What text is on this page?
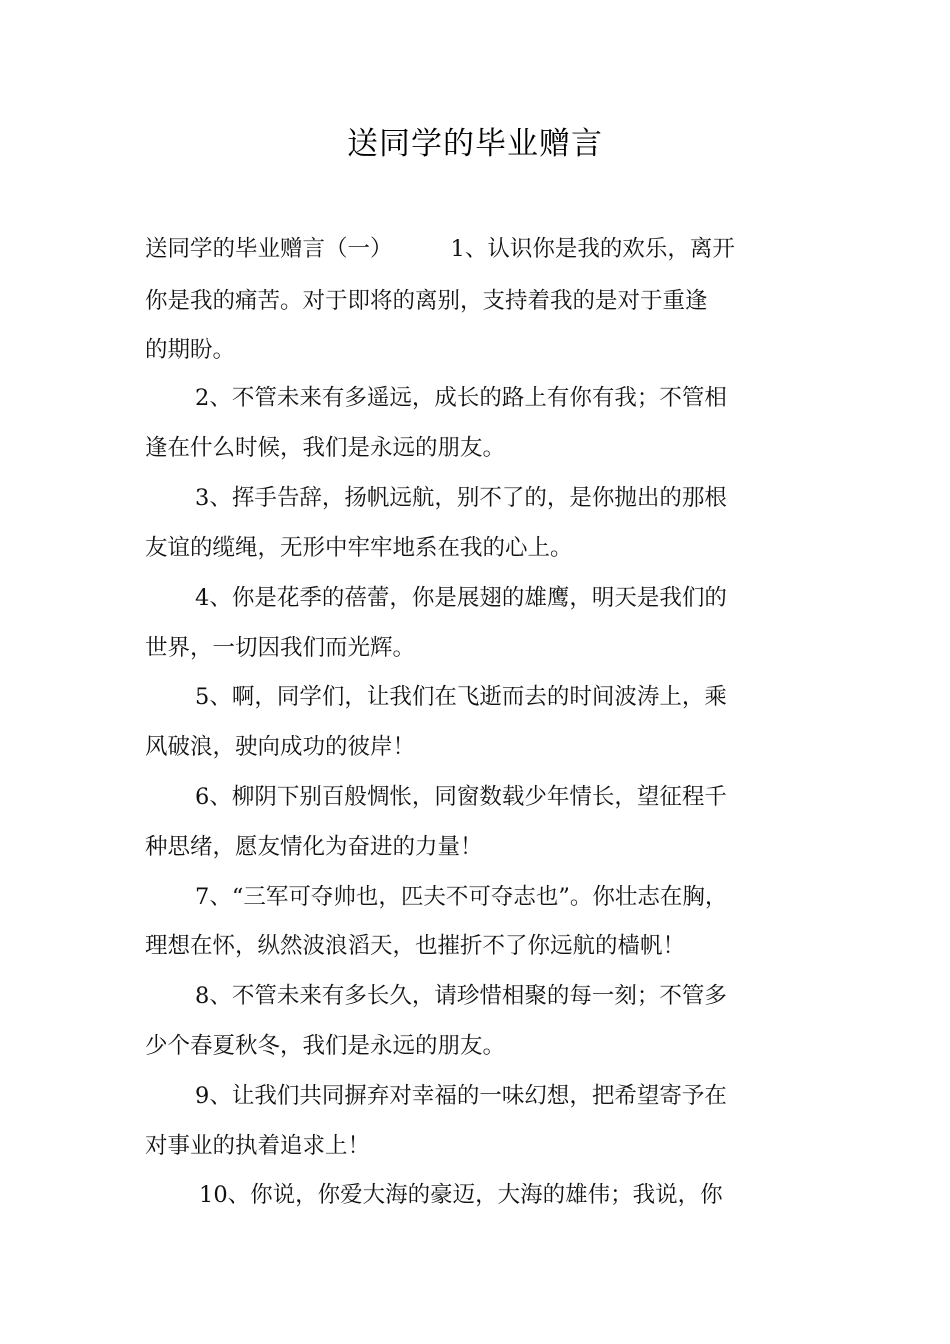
送同学的毕业赠言
送同学的毕业赠言（一）	1、认识你是我的欢乐，离开
你是我的痛苦。对于即将的离别，支持着我的是对于重逢
的期盼。
2、不管未来有多遥远，成长的路上有你有我；不管相
逢在什么时候，我们是永远的朋友。
3、挥手告辞，扬帆远航，别不了的，是你抛出的那根
友谊的缆绳，无形中牢牢地系在我的心上。
4、你是花季的蓓蕾，你是展翅的雄鹰，明天是我们的
世界，一切因我们而光辉。
5、啊，同学们，让我们在飞逝而去的时间波涛上，乘
风破浪，驶向成功的彼岸！
6、柳阴下别百般惆怅，同窗数载少年情长，望征程千
种思绪，愿友情化为奋进的力量！
7、“三军可夺帅也，匹夫不可夺志也”。你壮志在胸，
理想在怀，纵然波浪滔天，也摧折不了你远航的樯帆！
8、不管未来有多长久，请珍惜相聚的每一刻；不管多
少个春夏秋冬，我们是永远的朋友。
9、让我们共同摒弃对幸福的一味幻想，把希望寄予在
对事业的执着追求上！
10、你说，你爱大海的豪迈，大海的雄伟；我说，你
